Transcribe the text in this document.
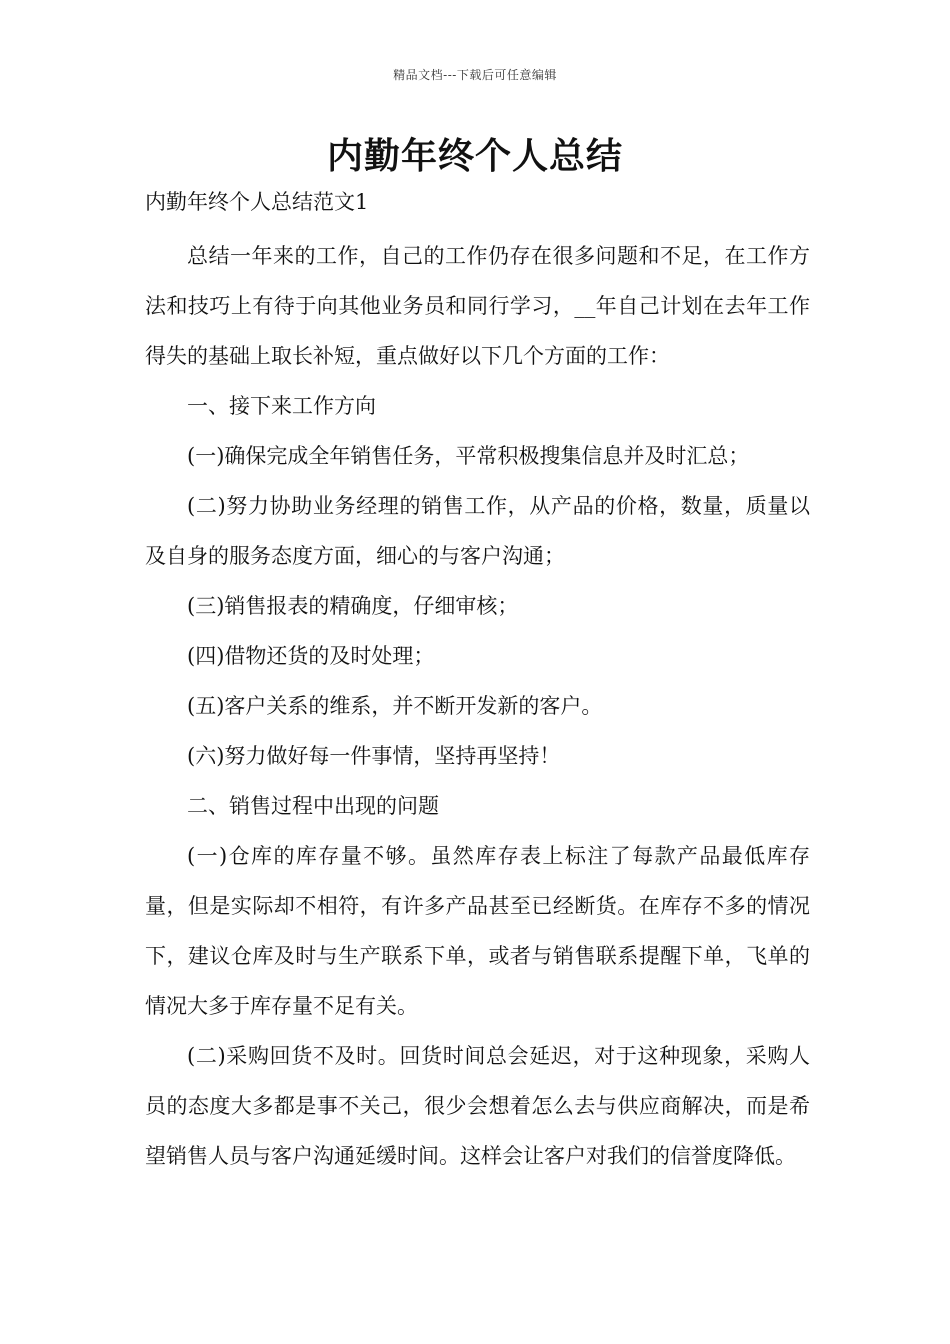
精品文档---下载后可任意编辑
内勤年终个人总结
内勤年终个人总结范文1

总结一年来的工作，自己的工作仍存在很多问题和不足，在工作方法和技巧上有待于向其他业务员和同行学习，__年自己计划在去年工作得失的基础上取长补短，重点做好以下几个方面的工作：

一、接下来工作方向

(一)确保完成全年销售任务，平常积极搜集信息并及时汇总；

(二)努力协助业务经理的销售工作，从产品的价格，数量，质量以及自身的服务态度方面，细心的与客户沟通；

(三)销售报表的精确度，仔细审核；

(四)借物还货的及时处理；

(五)客户关系的维系，并不断开发新的客户。

(六)努力做好每一件事情，坚持再坚持！

二、销售过程中出现的问题

(一)仓库的库存量不够。虽然库存表上标注了每款产品最低库存量，但是实际却不相符，有许多产品甚至已经断货。在库存不多的情况下，建议仓库及时与生产联系下单，或者与销售联系提醒下单，飞单的情况大多于库存量不足有关。

(二)采购回货不及时。回货时间总会延迟，对于这种现象，采购人员的态度大多都是事不关己，很少会想着怎么去与供应商解决，而是希望销售人员与客户沟通延缓时间。这样会让客户对我们的信誉度降低。
